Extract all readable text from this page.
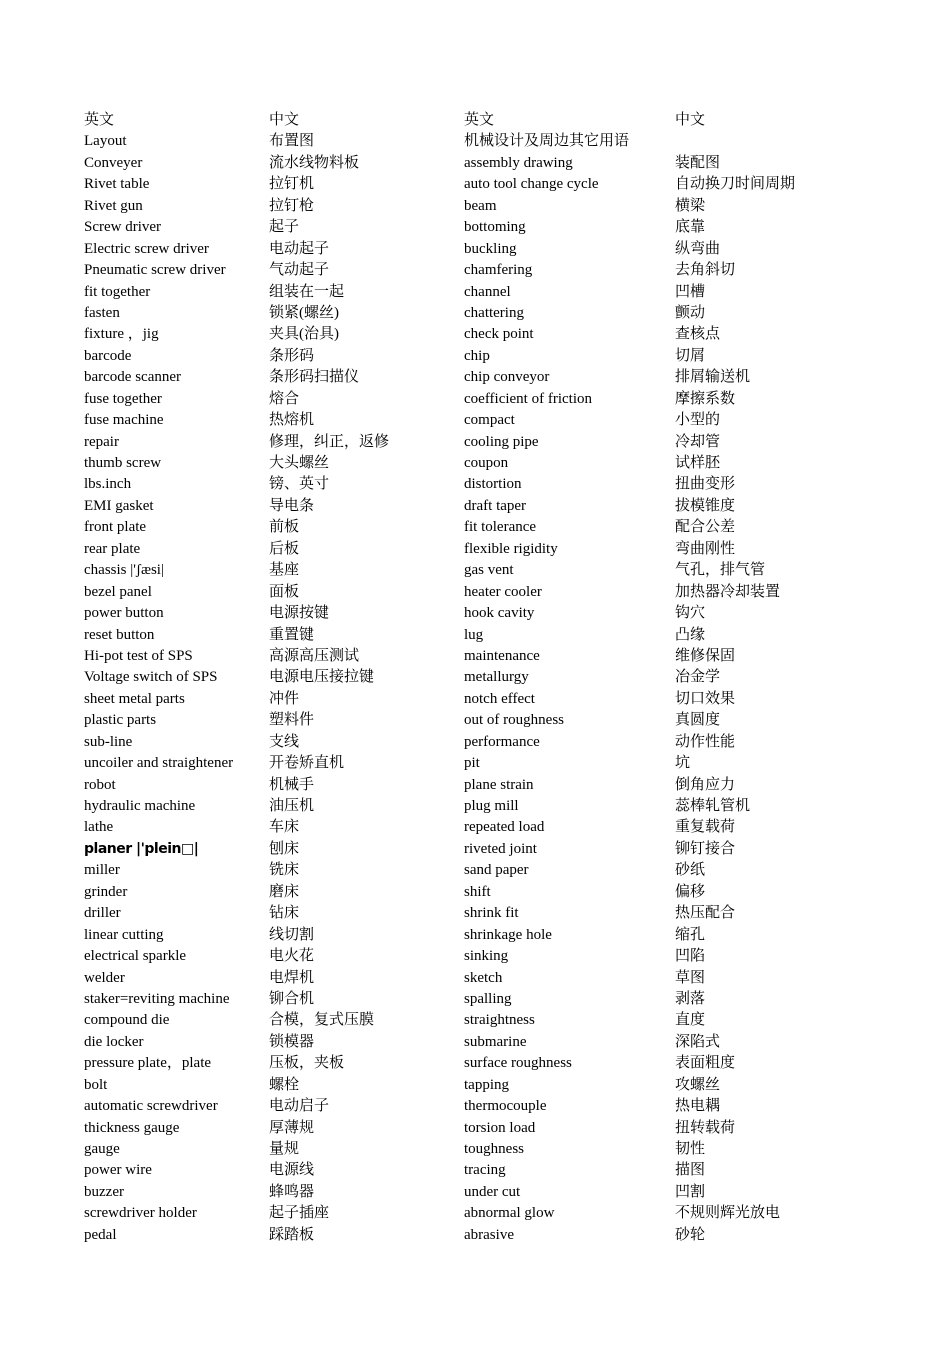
英文	中文	英文	中文
Layout	布置图	机械设计及周边其它用语
Conveyer	流水线物料板	assembly drawing	装配图
Rivet table	拉钉机	auto tool change cycle	自动换刀时间周期
Rivet gun	拉钉枪	beam	横梁
Screw driver	起子	bottoming	底靠
Electric screw driver	电动起子	buckling	纵弯曲
Pneumatic screw driver	气动起子	chamfering	去角斜切
fit together	组装在一起	channel	凹槽
fasten	锁紧(螺丝)	chattering	颤动
fixture ，jig	夹具(治具)	check point	查核点
barcode	条形码	chip	切屑
barcode scanner	条形码扫描仪	chip conveyor	排屑输送机
fuse together	熔合	coefficient of friction	摩擦系数
fuse machine	热熔机	compact	小型的
repair	修理，纠正，返修	cooling pipe	冷却管
thumb screw	大头螺丝	coupon	试样胚
lbs.inch	镑、英寸	distortion	扭曲变形
EMI gasket	导电条	draft taper	拔模锥度
front plate	前板	fit tolerance	配合公差
rear plate	后板	flexible rigidity	弯曲刚性
chassis |'ʃæsi|	基座	gas vent	气孔，排气管
bezel panel	面板	heater cooler	加热器冷却装置
power button	电源按键	hook cavity	钩穴
reset button	重置键	lug	凸缘
Hi-pot test of SPS	高源高压测试	maintenance	维修保固
Voltage switch of SPS	电源电压接拉键	metallurgy	冶金学
sheet metal parts	冲件	notch effect	切口效果
plastic parts	塑料件	out of roughness	真圆度
sub-line	支线	performance	动作性能
uncoiler and straightener	开卷矫直机	pit	坑
robot	机械手	plane strain	倒角应力
hydraulic machine	油压机	plug mill	蕊棒轧管机
lathe	车床	repeated load	重复载荷
planer |'plein□|	刨床	riveted joint	铆钉接合
miller	铣床	sand paper	砂纸
grinder	磨床	shift	偏移
driller	钻床	shrink fit	热压配合
linear cutting	线切割	shrinkage hole	缩孔
electrical sparkle	电火花	sinking	凹陷
welder	电焊机	sketch	草图
staker=reviting machine	铆合机	spalling	剥落
compound die	合模，复式压膜	straightness	直度
die locker	锁模器	submarine	深陷式
pressure plate，plate	压板，夹板	surface roughness	表面粗度
bolt	螺栓	tapping	攻螺丝
automatic screwdriver	电动启子	thermocouple	热电耦
thickness gauge	厚薄规	torsion load	扭转载荷
gauge	量规	toughness	韧性
power wire	电源线	tracing	描图
buzzer	蜂鸣器	under cut	凹割
screwdriver holder	起子插座	abnormal glow	不规则辉光放电
pedal	踩踏板	abrasive	砂轮
